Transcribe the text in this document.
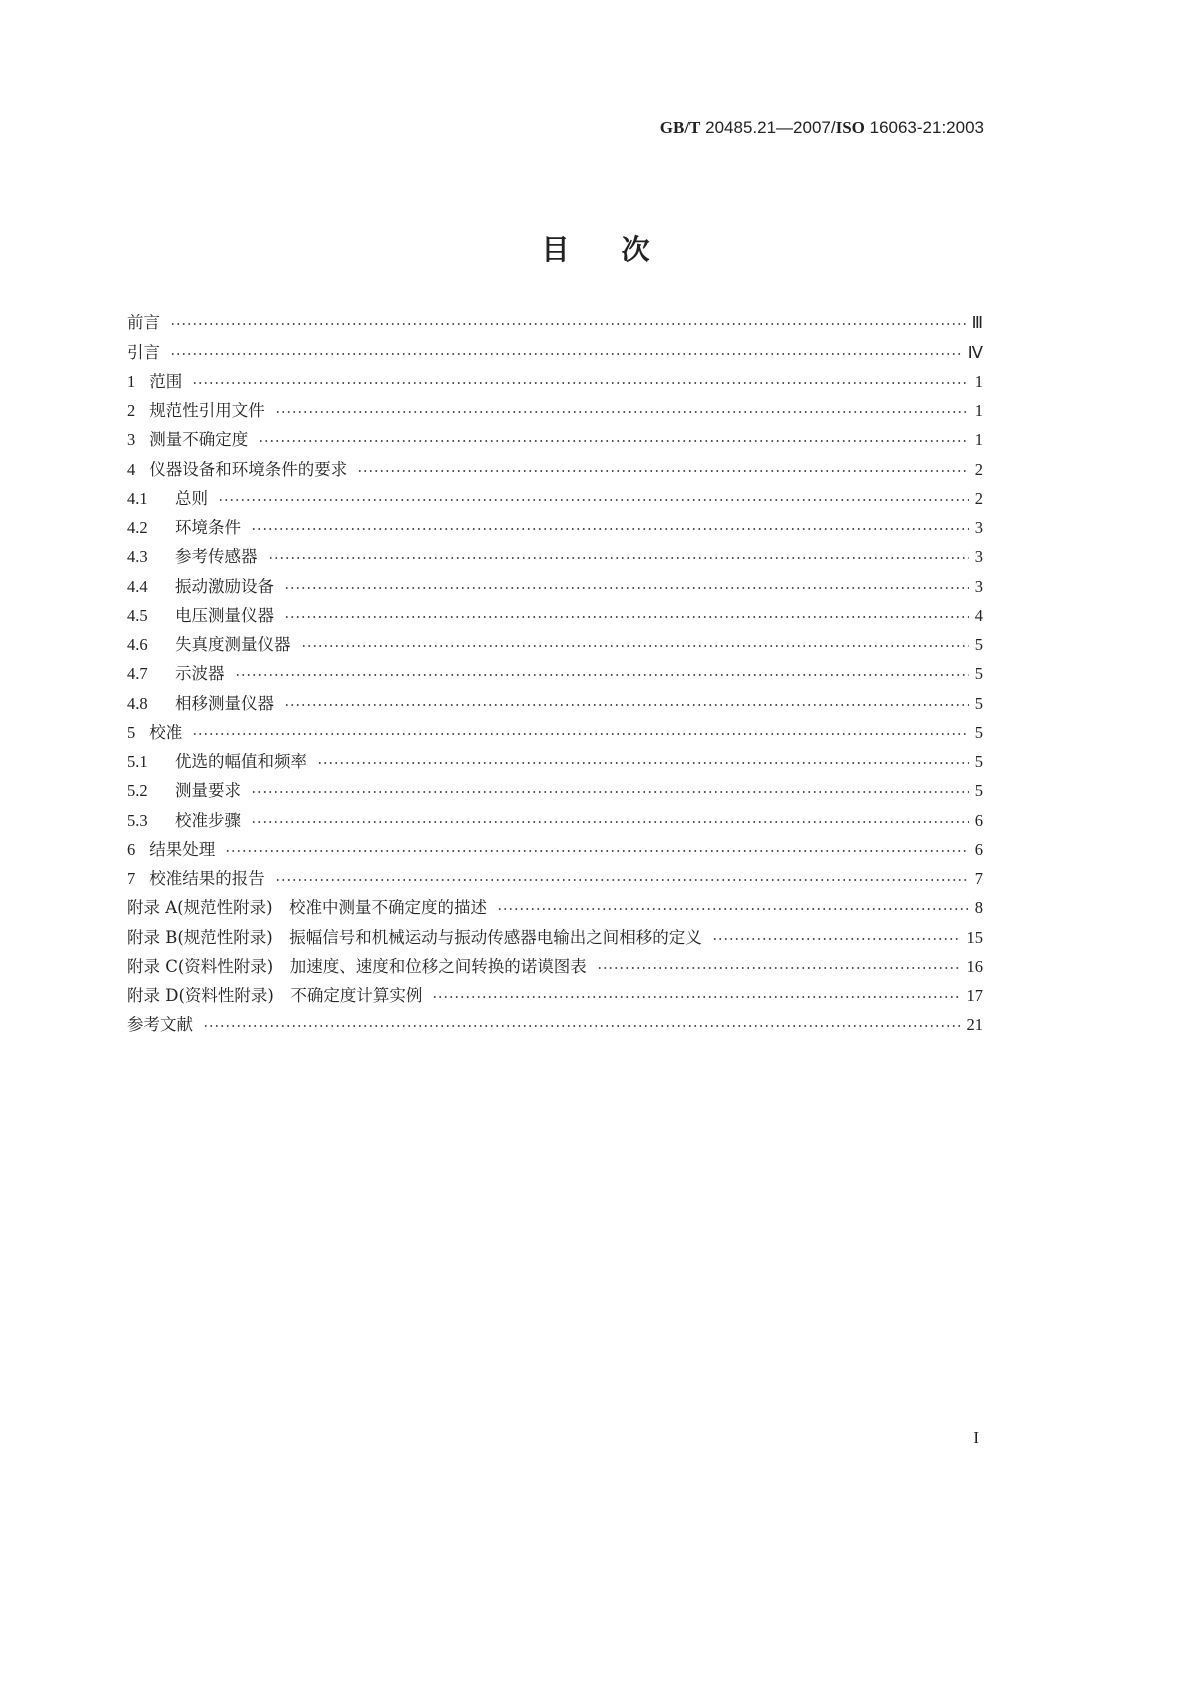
GB/T 20485.21—2007/ISO 16063-21:2003
目次
前言	Ⅲ
引言	Ⅳ
1 范围	1
2 规范性引用文件	1
3 测量不确定度	1
4 仪器设备和环境条件的要求	2
4.1	总则	2
4.2	环境条件	3
4.3	参考传感器	3
4.4	振动激励设备	3
4.5	电压测量仪器	4
4.6	失真度测量仪器	5
4.7	示波器	5
4.8	相移测量仪器	5
5 校准	5
5.1	优选的幅值和频率	5
5.2	测量要求	5
5.3	校准步骤	6
6 结果处理	6
7 校准结果的报告	7
附录 A(规范性附录)　校准中测量不确定度的描述	8
附录 B(规范性附录)　振幅信号和机械运动与振动传感器电输出之间相移的定义	15
附录 C(资料性附录)　加速度、速度和位移之间转换的诺谟图表	16
附录 D(资料性附录)　不确定度计算实例	17
参考文献	21
I
